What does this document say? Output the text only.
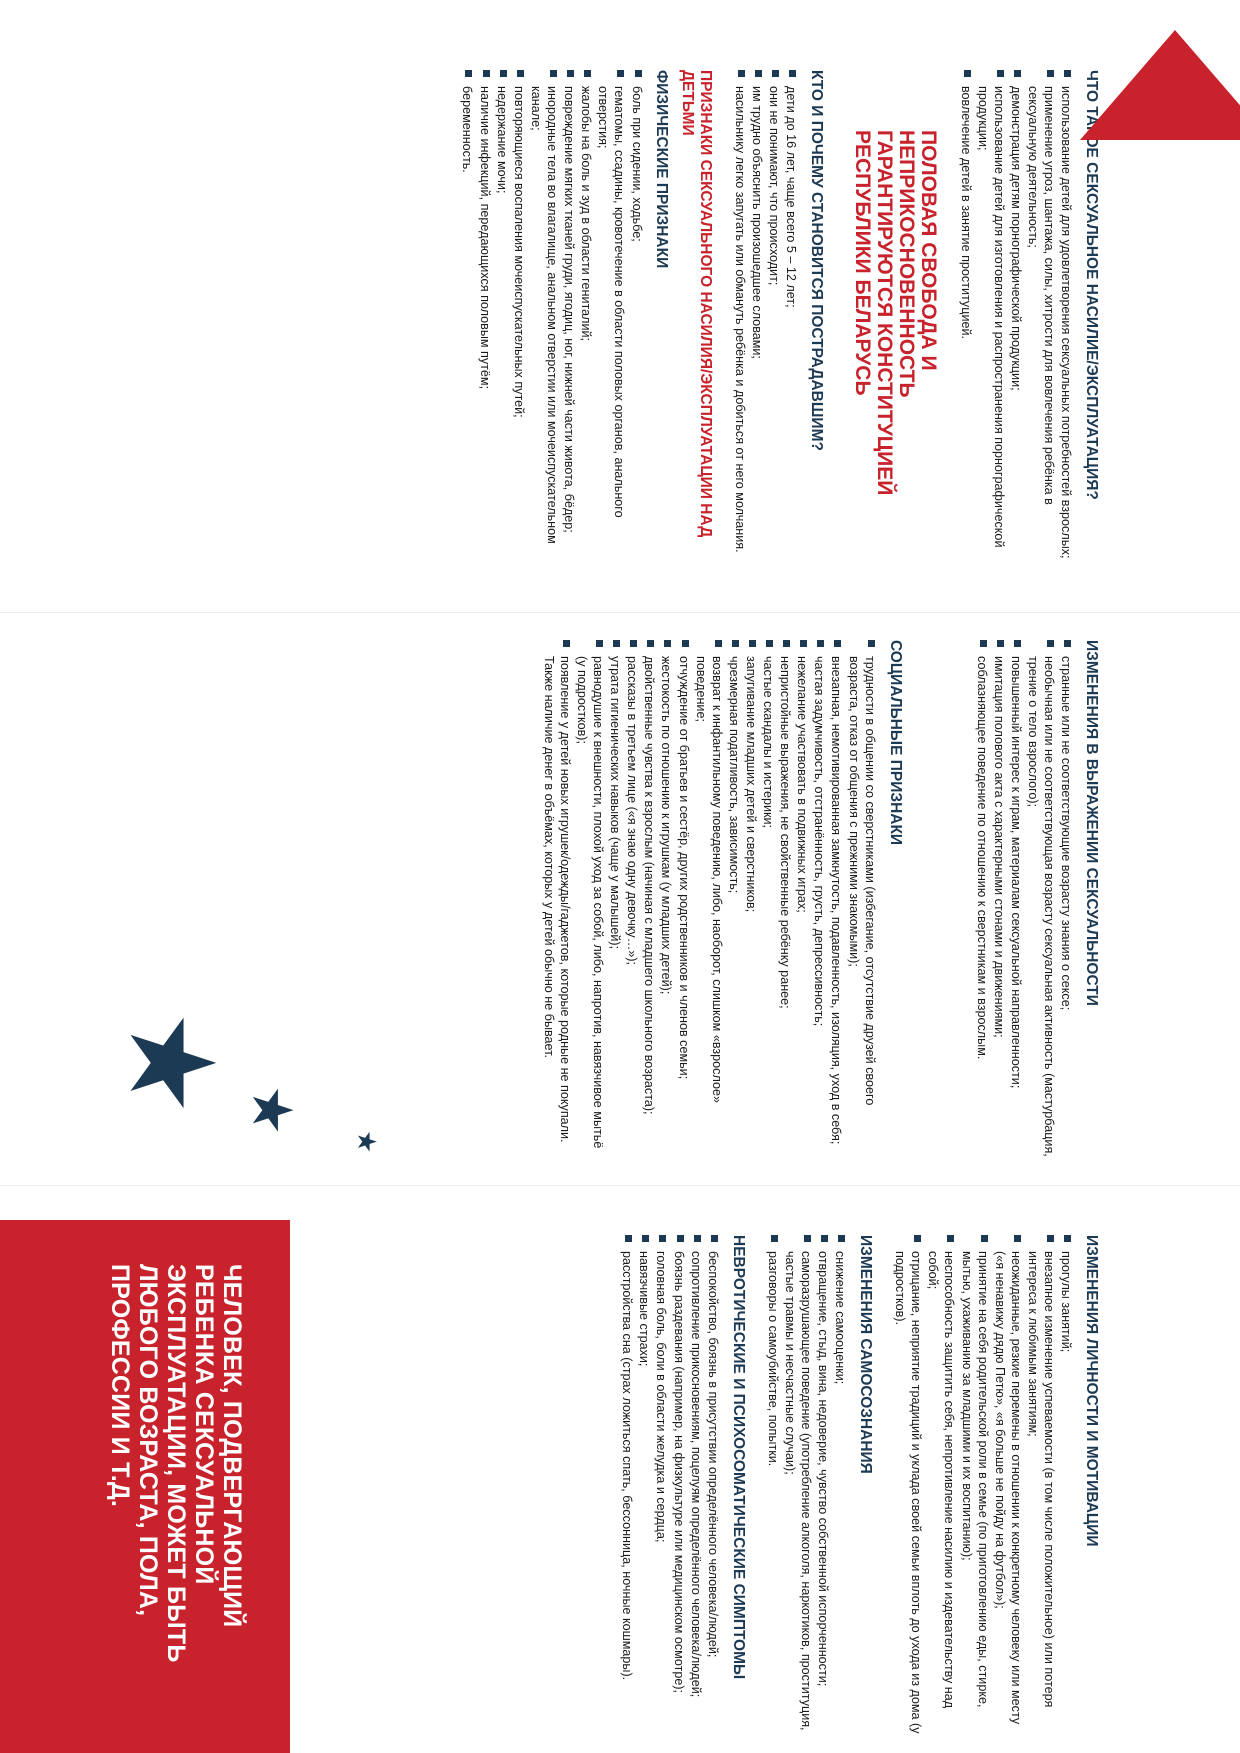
ЧТО ТАКОЕ СЕКСУАЛЬНОЕ НАСИЛИЕ/ЭКСПЛУАТАЦИЯ?
использование детей для удовлетворения сексуальных потребностей взрослых;
применение угроз, шантажа, силы, хитрости для вовлечения ребёнка в сексуальную деятельность;
демонстрация детям порнографической продукции;
использование детей для изготовления и распространения порнографической продукции;
вовлечение детей в занятие проституцией.
ПОЛОВАЯ СВОБОДА И НЕПРИКОСНОВЕННОСТЬ ГАРАНТИРУЮТСЯ КОНСТИТУЦИЕЙ РЕСПУБЛИКИ БЕЛАРУСЬ
КТО И ПОЧЕМУ СТАНОВИТСЯ ПОСТРАДАВШИМ?
дети до 16 лет, чаще всего 5 – 12 лет;
они не понимают, что происходит;
им трудно объяснить произошедшее словами;
насильнику легко запугать или обмануть ребёнка и добиться от него молчания.
ПРИЗНАКИ СЕКСУАЛЬНОГО НАСИЛИЯ/ЭКСПЛУАТАЦИИ НАД ДЕТЬМИ
ФИЗИЧЕСКИЕ ПРИЗНАКИ
боль при сидении, ходьбе;
гематомы, ссадины, кровотечение в области половых органов, анального отверстия;
жалобы на боль и зуд в области гениталий;
повреждение мягких тканей груди, ягодиц, ног, нижней части живота, бёдер;
инородные тела во влагалище, анальном отверстии или мочеиспускательном канале;
повторяющиеся воспаления мочеиспускательных путей;
недержание мочи;
наличие инфекций, передающихся половым путём;
беременность.
ИЗМЕНЕНИЯ В ВЫРАЖЕНИИ СЕКСУАЛЬНОСТИ
странные или не соответствующие возрасту знания о сексе;
необычная или не соответствующая возрасту сексуальная активность (мастурбация, трение о тело взрослого);
повышенный интерес к играм, материалам сексуальной направленности;
имитация полового акта с характерными стонами и движениями;
соблазняющее поведение по отношению к сверстникам и взрослым.
СОЦИАЛЬНЫЕ ПРИЗНАКИ
трудности в общении со сверстниками (избегание, отсутствие друзей своего возраста, отказ от общения с прежними знакомыми);
внезапная, немотивированная замкнутость, подавленность, изоляция, уход в себя;
частая задумчивость, отстранённость, грусть, депрессивность;
нежелание участвовать в подвижных играх;
непристойные выражения, не свойственные ребёнку ранее;
частые скандалы и истерики;
запугивание младших детей и сверстников;
чрезмерная податливость, зависимость;
возврат к инфантильному поведению, либо, наоборот, слишком «взрослое» поведение;
отчуждение от братьев и сестёр, других родственников и членов семьи;
жестокость по отношению к игрушкам (у младших детей);
двойственные чувства к взрослым (начиная с младшего школьного возраста);
рассказы в третьем лице («я знаю одну девочку…»);
утрата гигиенических навыков (чаще у малышей);
равнодушие к внешности, плохой уход за собой, либо, напротив, навязчивое мытьё (у подростков);
появление у детей новых игрушек/одежды/гаджетов, которые родные не покупали. Также наличие денег в объёмах, которых у детей обычно не бывает.
★
★
★
ИЗМЕНЕНИЯ ЛИЧНОСТИ И МОТИВАЦИИ
прогулы занятий;
внезапное изменение успеваемости (в том числе положительное) или потеря интереса к любимым занятиям;
неожиданные, резкие перемены в отношении к конкретному человеку или месту («я ненавижу дядю Петю», «я больше не пойду на футбол»);
принятие на себя родительской роли в семье (по приготовлению еды, стирке, мытью, ухаживанию за младшими и их воспитанию);
неспособность защитить себя, непротивление насилию и издевательству над собой;
отрицание, неприятие традиций и уклада своей семьи вплоть до ухода из дома (у подростков).
ИЗМЕНЕНИЯ САМОСОЗНАНИЯ
снижение самооценки;
отвращение, стыд, вина, недоверие, чувство собственной испорченности;
саморазрушающее поведение (употребление алкоголя, наркотиков, проституция, частые травмы и несчастные случаи);
разговоры о самоубийстве, попытки.
НЕВРОТИЧЕСКИЕ И ПСИХОСОМАТИЧЕСКИЕ СИМПТОМЫ
беспокойство, боязнь в присутствии определённого человека/людей;
сопротивление прикосновениям, поцелуям определённого человека/людей;
боязнь раздевания (например, на физкультуре или медицинском осмотре);
головная боль, боли в области желудка и сердца;
навязчивые страхи;
расстройства сна (страх ложиться спать, бессонница, ночные кошмары).
ЧЕЛОВЕК, ПОДВЕРГАЮЩИЙ РЕБЕНКА СЕКСУАЛЬНОЙ ЭКСПЛУАТАЦИИ, МОЖЕТ БЫТЬ ЛЮБОГО ВОЗРАСТА, ПОЛА, ПРОФЕССИИ И Т.Д.
